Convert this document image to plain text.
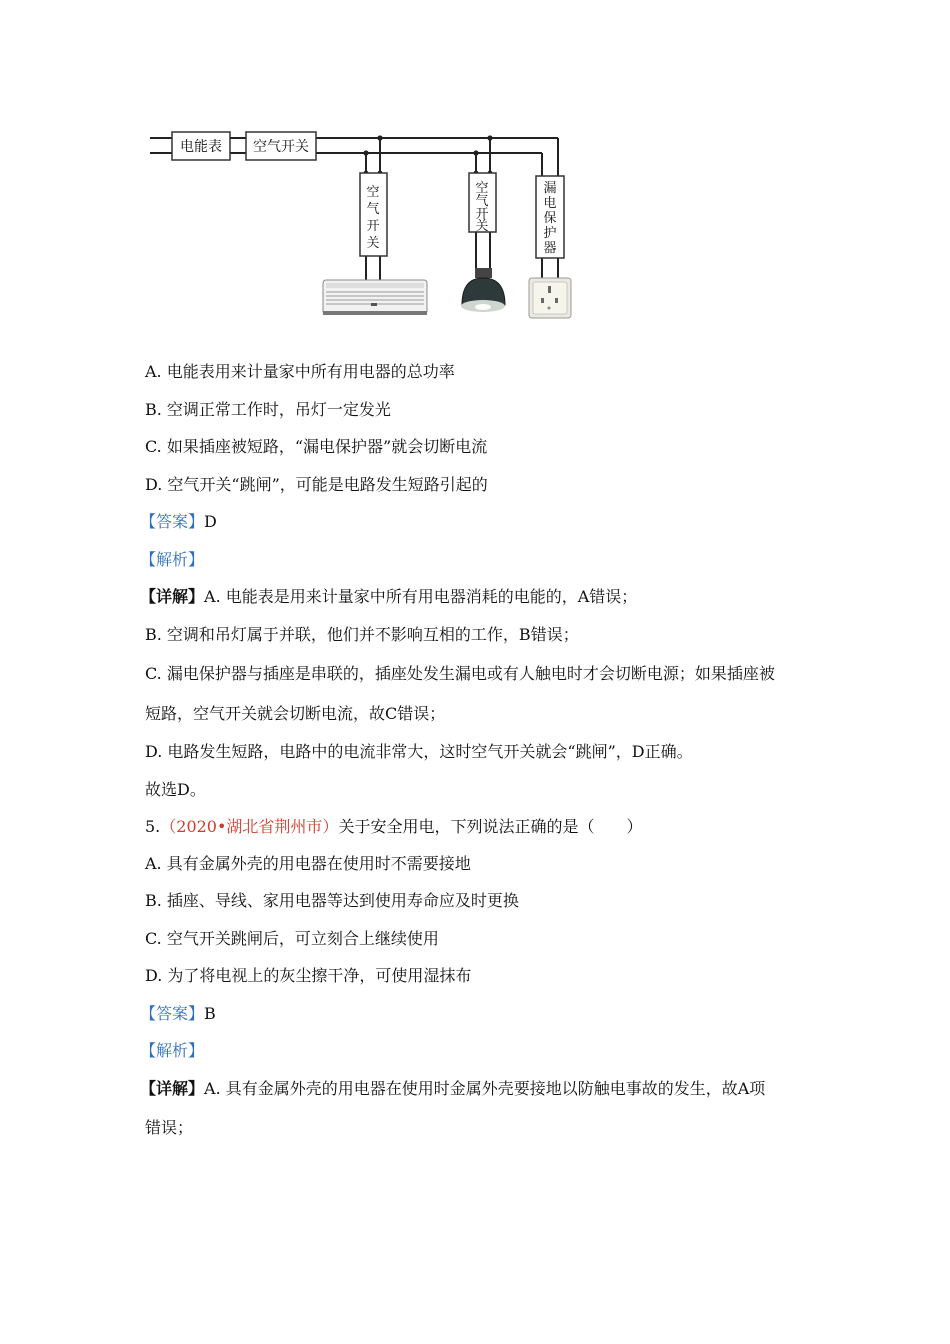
电能表 空气开关
空
气
开
关
空
气
开
关
漏
电
保
护
器
A. 电能表用来计量家中所有用电器的总功率
B. 空调正常工作时，吊灯一定发光
C. 如果插座被短路，“漏电保护器”就会切断电流
D. 空气开关“跳闸”，可能是电路发生短路引起的
【答案】D
【解析】
【详解】A. 电能表是用来计量家中所有用电器消耗的电能的，A错误；
B. 空调和吊灯属于并联，他们并不影响互相的工作，B错误；
C. 漏电保护器与插座是串联的，插座处发生漏电或有人触电时才会切断电源；如果插座被
短路，空气开关就会切断电流，故C错误；
D. 电路发生短路，电路中的电流非常大，这时空气开关就会“跳闸”，D正确。
故选D。
5.（2020•湖北省荆州市）关于安全用电，下列说法正确的是（　　）
A. 具有金属外壳的用电器在使用时不需要接地
B. 插座、导线、家用电器等达到使用寿命应及时更换
C. 空气开关跳闸后，可立刻合上继续使用
D. 为了将电视上的灰尘擦干净，可使用湿抹布
【答案】B
【解析】
【详解】A. 具有金属外壳的用电器在使用时金属外壳要接地以防触电事故的发生，故A项
错误；
